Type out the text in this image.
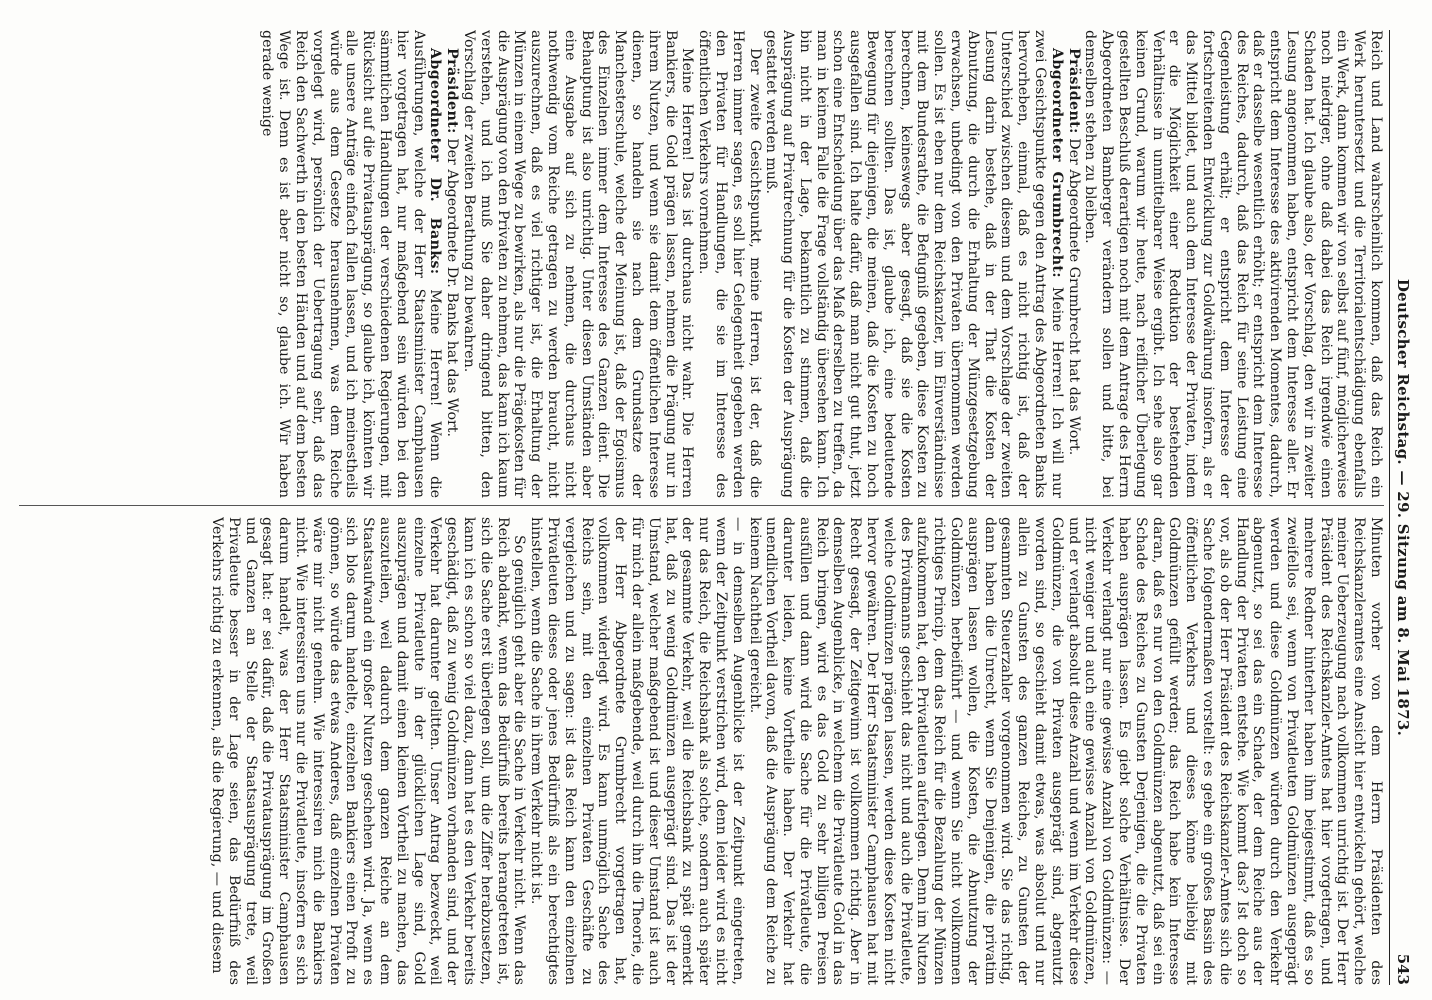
Deutscher Reichstag. — 29. Sitzung am 8. Mai 1873.
543

Reich und Land wahrscheinlich kommen, daß das Reich ein Werk heruntersetzt und die Territorialentschädigung ebenfalls ein Werk, dann kommen wir von selbst auf fünf, möglicherweise noch niedriger, ohne daß dabei das Reich irgendwie einen Schaden hat. Ich glaube also, der Vorschlag, den wir in zweiter Lesung angenommen haben, entspricht dem Interesse aller. Er entspricht dem Interesse des aktivirenden Momentes, dadurch, daß er dasselbe wesentlich erhöht; er entspricht dem Interesse des Reiches, dadurch, daß das Reich für seine Leistung eine Gegenleistung erhält; er entspricht dem Interesse der fortschreitenden Entwicklung zur Goldwährung insofern, als er das Mittel bildet, und auch dem Interesse der Privaten, indem er die Möglichkeit einer Reduktion der bestehenden Verhältnisse in unmittelbarer Weise ergibt. Ich sehe also gar keinen Grund, warum wir heute, nach reiflicher Überlegung gestellten Beschluß derartigen noch mit dem Antrage des Herrn Abgeordneten Bamberger verändern sollen und bitte, bei demselben stehen zu bleiben.

Präsident: Der Abgeordnete Grumbrecht hat das Wort.

Abgeordneter Grumbrecht: Meine Herren! Ich will nur zwei Gesichtspunkte gegen den Antrag des Abgeordneten Banks hervorheben, einmal, daß es nicht richtig ist, daß der Unterschied zwischen diesem und dem Vorschlage der zweiten Lesung darin bestehe, daß in der That die Kosten der Abnutzung, die durch die Erhaltung der Münzgesetzgebung erwachsen, unbedingt von den Privaten übernommen werden sollen. Es ist eben nur dem Reichskanzler, im Einverständnisse mit dem Bundesrathe, die Befugniß gegeben, diese Kosten zu berechnen, keineswegs aber gesagt, daß sie die Kosten berechnen sollten. Das ist, glaube ich, eine bedeutende Bewegung für diejenigen, die meinen, daß die Kosten zu hoch ausgefallen sind. Ich halte dafür, daß man nicht gut thut, jetzt schon eine Entscheidung über das Maß derselben zu treffen, da man in keinem Falle die Frage vollständig übersehen kann. Ich bin nicht in der Lage, bekanntlich zu stimmen, daß die Ausprägung auf Privatrechnung für die Kosten der Ausprägung gestattet werden muß.

Der zweite Gesichtspunkt, meine Herren, ist der, daß die Herren immer sagen, es soll hier Gelegenheit gegeben werden den Privaten für Handlungen, die sie im Interesse des öffentlichen Verkehrs vornehmen.

Meine Herren! Das ist durchaus nicht wahr. Die Herren Bankiers, die Gold prägen lassen, nehmen die Prägung nur in ihrem Nutzen, und wenn sie damit dem öffentlichen Interesse dienen, so handeln sie nach dem Grundsatze der Manchesterschule, welche der Meinung ist, daß der Egoismus des Einzelnen immer dem Interesse des Ganzen dient. Die Behauptung ist also unrichtig. Unter diesen Umständen aber eine Ausgabe auf sich zu nehmen, die durchaus nicht nothwendig vom Reiche getragen zu werden braucht, nicht auszurechnen, daß es viel richtiger ist, die Erhaltung der Münzen in einem Wege zu bewirken, als nur die Prägekosten für die Ausprägung von den Privaten zu nehmen, das kann ich kaum verstehen, und ich muß Sie daher dringend bitten, den Vorschlag der zweiten Berathung zu bewahren.

Präsident: Der Abgeordnete Dr. Banks hat das Wort.

Abgeordneter Dr. Banks: Meine Herren! Wenn die Ausführungen, welche der Herr Staatsminister Camphausen hier vorgetragen hat, nur maßgebend sein würden bei den sämmtlichen Handlungen der verschiedenen Regierungen, mit Rücksicht auf die Privatausprägung, so glaube ich, könnten wir alle unsere Anträge einfach fallen lassen, und ich meinestheils würde aus dem Gesetze herausnehmen, was dem Reiche vorgelegt wird, persönlich der Uebertragung sehr, daß das Reich den Sachwerth in den besten Händen und auf dem besten Wege ist. Denn es ist aber nicht so, glaube ich. Wir haben gerade wenige

Minuten vorher von dem Herrn Präsidenten des Reichskanzleramtes eine Ansicht hier entwickeln gehört, welche meiner Ueberzeugung nach vollkommen unrichtig ist. Der Herr Präsident des Reichskanzler-Amtes hat hier vorgetragen, und mehrere Redner hinterher haben ihm beigestimmt, daß es so zweifellos sei, wenn von Privatleuten Goldmünzen ausgeprägt werden und diese Goldmünzen würden durch den Verkehr abgenutzt, so sei das ein Schade, der dem Reiche aus der Handlung der Privaten entstehe. Wie kommt das? Ist doch so vor, als ob der Herr Präsident des Reichskanzler-Amtes sich die Sache folgendermaßen vorstellt: es gebe ein großes Bassin des öffentlichen Verkehrs und dieses könne beliebig mit Goldmünzen gefüllt werden; das Reich habe kein Interesse daran, daß es nur von den Goldmünzen abgenutzt, daß sei ein Schade des Reiches zu Gunsten Derjenigen, die die Privaten haben ausprägen lassen. Es giebt solche Verhältnisse. Der Verkehr verlangt nur eine gewisse Anzahl von Goldmünzen: — nicht weniger und auch eine gewisse Anzahl von Goldmünzen, und er verlangt absolut diese Anzahl und wenn im Verkehr diese Goldmünzen, die von Privaten ausgeprägt sind, abgenutzt worden sind, so geschieht damit etwas, was absolut und nur allein zu Gunsten des ganzen Reiches, zu Gunsten der gesammten Steuerzahler vorgenommen wird. Sie das richtig, dann haben die Unrecht, wenn Sie Denjenigen, die privatim ausprägen lassen wollen, die Kosten, die Abnutzung der Goldmünzen herbeiführt — und wenn Sie nicht vollkommen richtiges Princip, dem das Reich für die Bezahlung der Münzen aufzukommen hat, den Privatleuten auferlegen. Denn im Nutzen des Privatmanns geschieht das nicht und auch die Privatleute, welche Goldmünzen prägen lassen, werden diese Kosten nicht hervor gewähren. Der Herr Staatsminister Camphausen hat mit Recht gesagt, der Zeitgewinn ist vollkommen richtig. Aber in demselben Augenblicke, in welchem die Privatleute Gold in das Reich bringen, wird es das Gold zu sehr billigen Preisen ausfüllen und dann wird die Sache für die Privatleute, die darunter leiden, keine Vortheile haben. Der Verkehr hat unendlichen Vortheil davon, daß die Ausprägung dem Reiche zu keinem Nachtheil gereicht.

— in demselben Augenblicke ist der Zeitpunkt eingetreten, wenn der Zeitpunkt verstrichen wird, denn leider wird es nicht nur das Reich, die Reichsbank als solche, sondern auch später der gesammte Verkehr, weil die Reichsbank zu spät gemerkt hat, daß zu wenig Goldmünzen ausgeprägt sind. Das ist der Umstand, welcher maßgebend ist und dieser Umstand ist auch für mich der allein maßgebende, weil durch ihn die Theorie, die der Herr Abgeordnete Grumbrecht vorgetragen hat, vollkommen widerlegt wird. Es kann unmöglich Sache des Reichs sein, mit den einzelnen Privaten Geschäfte zu vergleichen und zu sagen: ist das Reich kann den einzelnen Privatleuten dieses oder jenes Bedürfniß als ein berechtigtes hinstellen, wenn die Sache in ihrem Verkehr nicht ist.

So genüglich geht aber die Sache in Verkehr nicht. Wenn das Reich abdankt, wenn das Bedürfniß bereits herangetreten ist, sich die Sache erst überlegen soll, um die Ziffer herabzusetzen, kann ich es schon so viel dazu, dann hat es den Verkehr bereits geschädigt, daß zu wenig Goldmünzen vorhanden sind, und der Verkehr hat darunter gelitten. Unser Antrag bezweckt, weil einzelne Privatleute in der glücklichen Lage sind, Gold auszuprägen und damit einen kleinen Vortheil zu machen, das auszuteilen, weil dadurch dem ganzen Reiche an dem Staatsaufwand ein großer Nutzen geschehen wird. Ja, wenn es sich blos darum handelte, einzelnen Bankiers einen Profit zu gönnen, so würde das etwas Anderes, daß einzelnen Privaten wäre mir nicht genehm. Wie interessiren mich die Bankiers nicht. Wie interessiren uns nur die Privatleute, insofern es sich darum handelt, was der Herr Staatsminister Camphausen gesagt hat: er sei dafür, daß die Privatausprägung im Großen und Ganzen an Stelle der Staatsausprägung trete, weil Privatleute besser in der Lage seien, das Bedürfniß des Verkehrs richtig zu erkennen, als die Regierung, — und diesem
